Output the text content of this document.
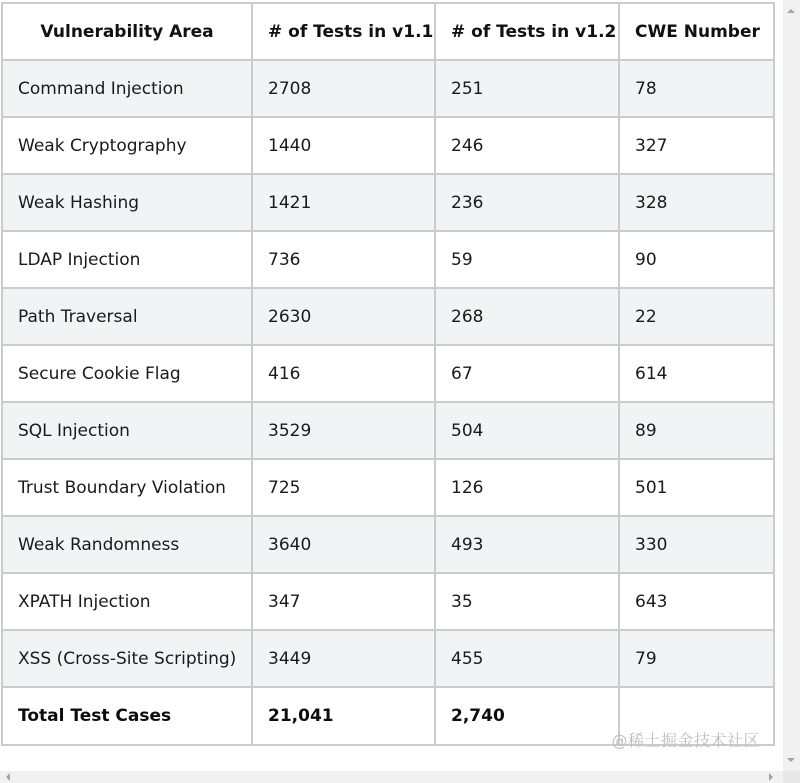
Vulnerability Area	# of Tests in v1.1	# of Tests in v1.2	CWE Number
Command Injection	2708	251	78
Weak Cryptography	1440	246	327
Weak Hashing	1421	236	328
LDAP Injection	736	59	90
Path Traversal	2630	268	22
Secure Cookie Flag	416	67	614
SQL Injection	3529	504	89
Trust Boundary Violation	725	126	501
Weak Randomness	3640	493	330
XPATH Injection	347	35	643
XSS (Cross-Site Scripting)	3449	455	79
Total Test Cases	21,041	2,740	
@稀土掘金技术社区
